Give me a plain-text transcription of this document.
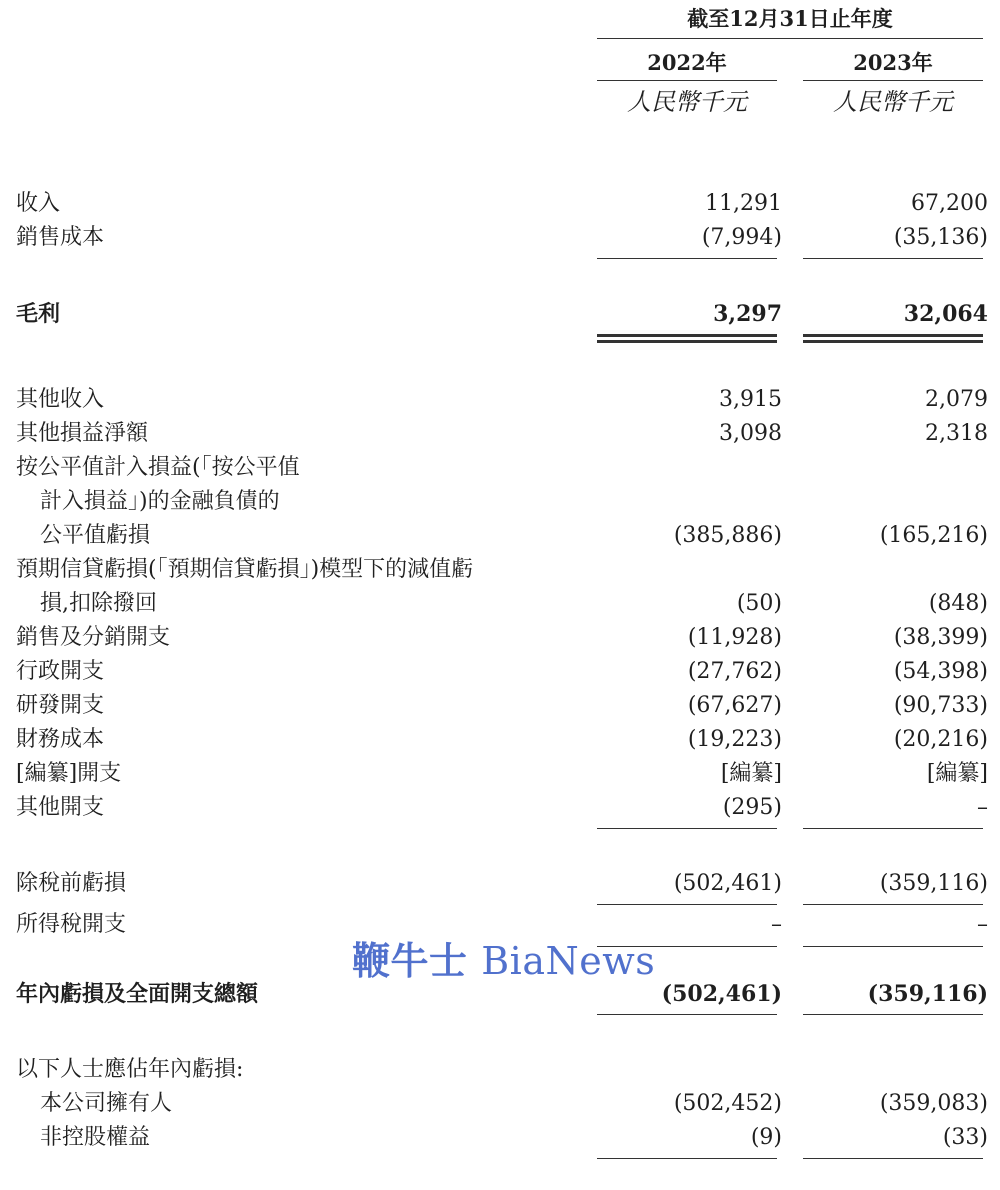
截至12月31日止年度
2022年	2023年
人民幣千元	人民幣千元
收入	11,291	67,200
銷售成本	(7,994)	(35,136)
毛利	3,297	32,064
其他收入	3,915	2,079
其他損益淨額	3,098	2,318
按公平值計入損益(「按公平值
計入損益」)的金融負債的
公平值虧損	(385,886)	(165,216)
預期信貸虧損(「預期信貸虧損」)模型下的減值虧
損,扣除撥回	(50)	(848)
銷售及分銷開支	(11,928)	(38,399)
行政開支	(27,762)	(54,398)
研發開支	(67,627)	(90,733)
財務成本	(19,223)	(20,216)
[編纂]開支	[編纂]	[編纂]
其他開支	(295)	–
除稅前虧損	(502,461)	(359,116)
所得稅開支	–	–
鞭牛士 BiaNews
年內虧損及全面開支總額	(502,461)	(359,116)
以下人士應佔年內虧損:
本公司擁有人	(502,452)	(359,083)
非控股權益	(9)	(33)
